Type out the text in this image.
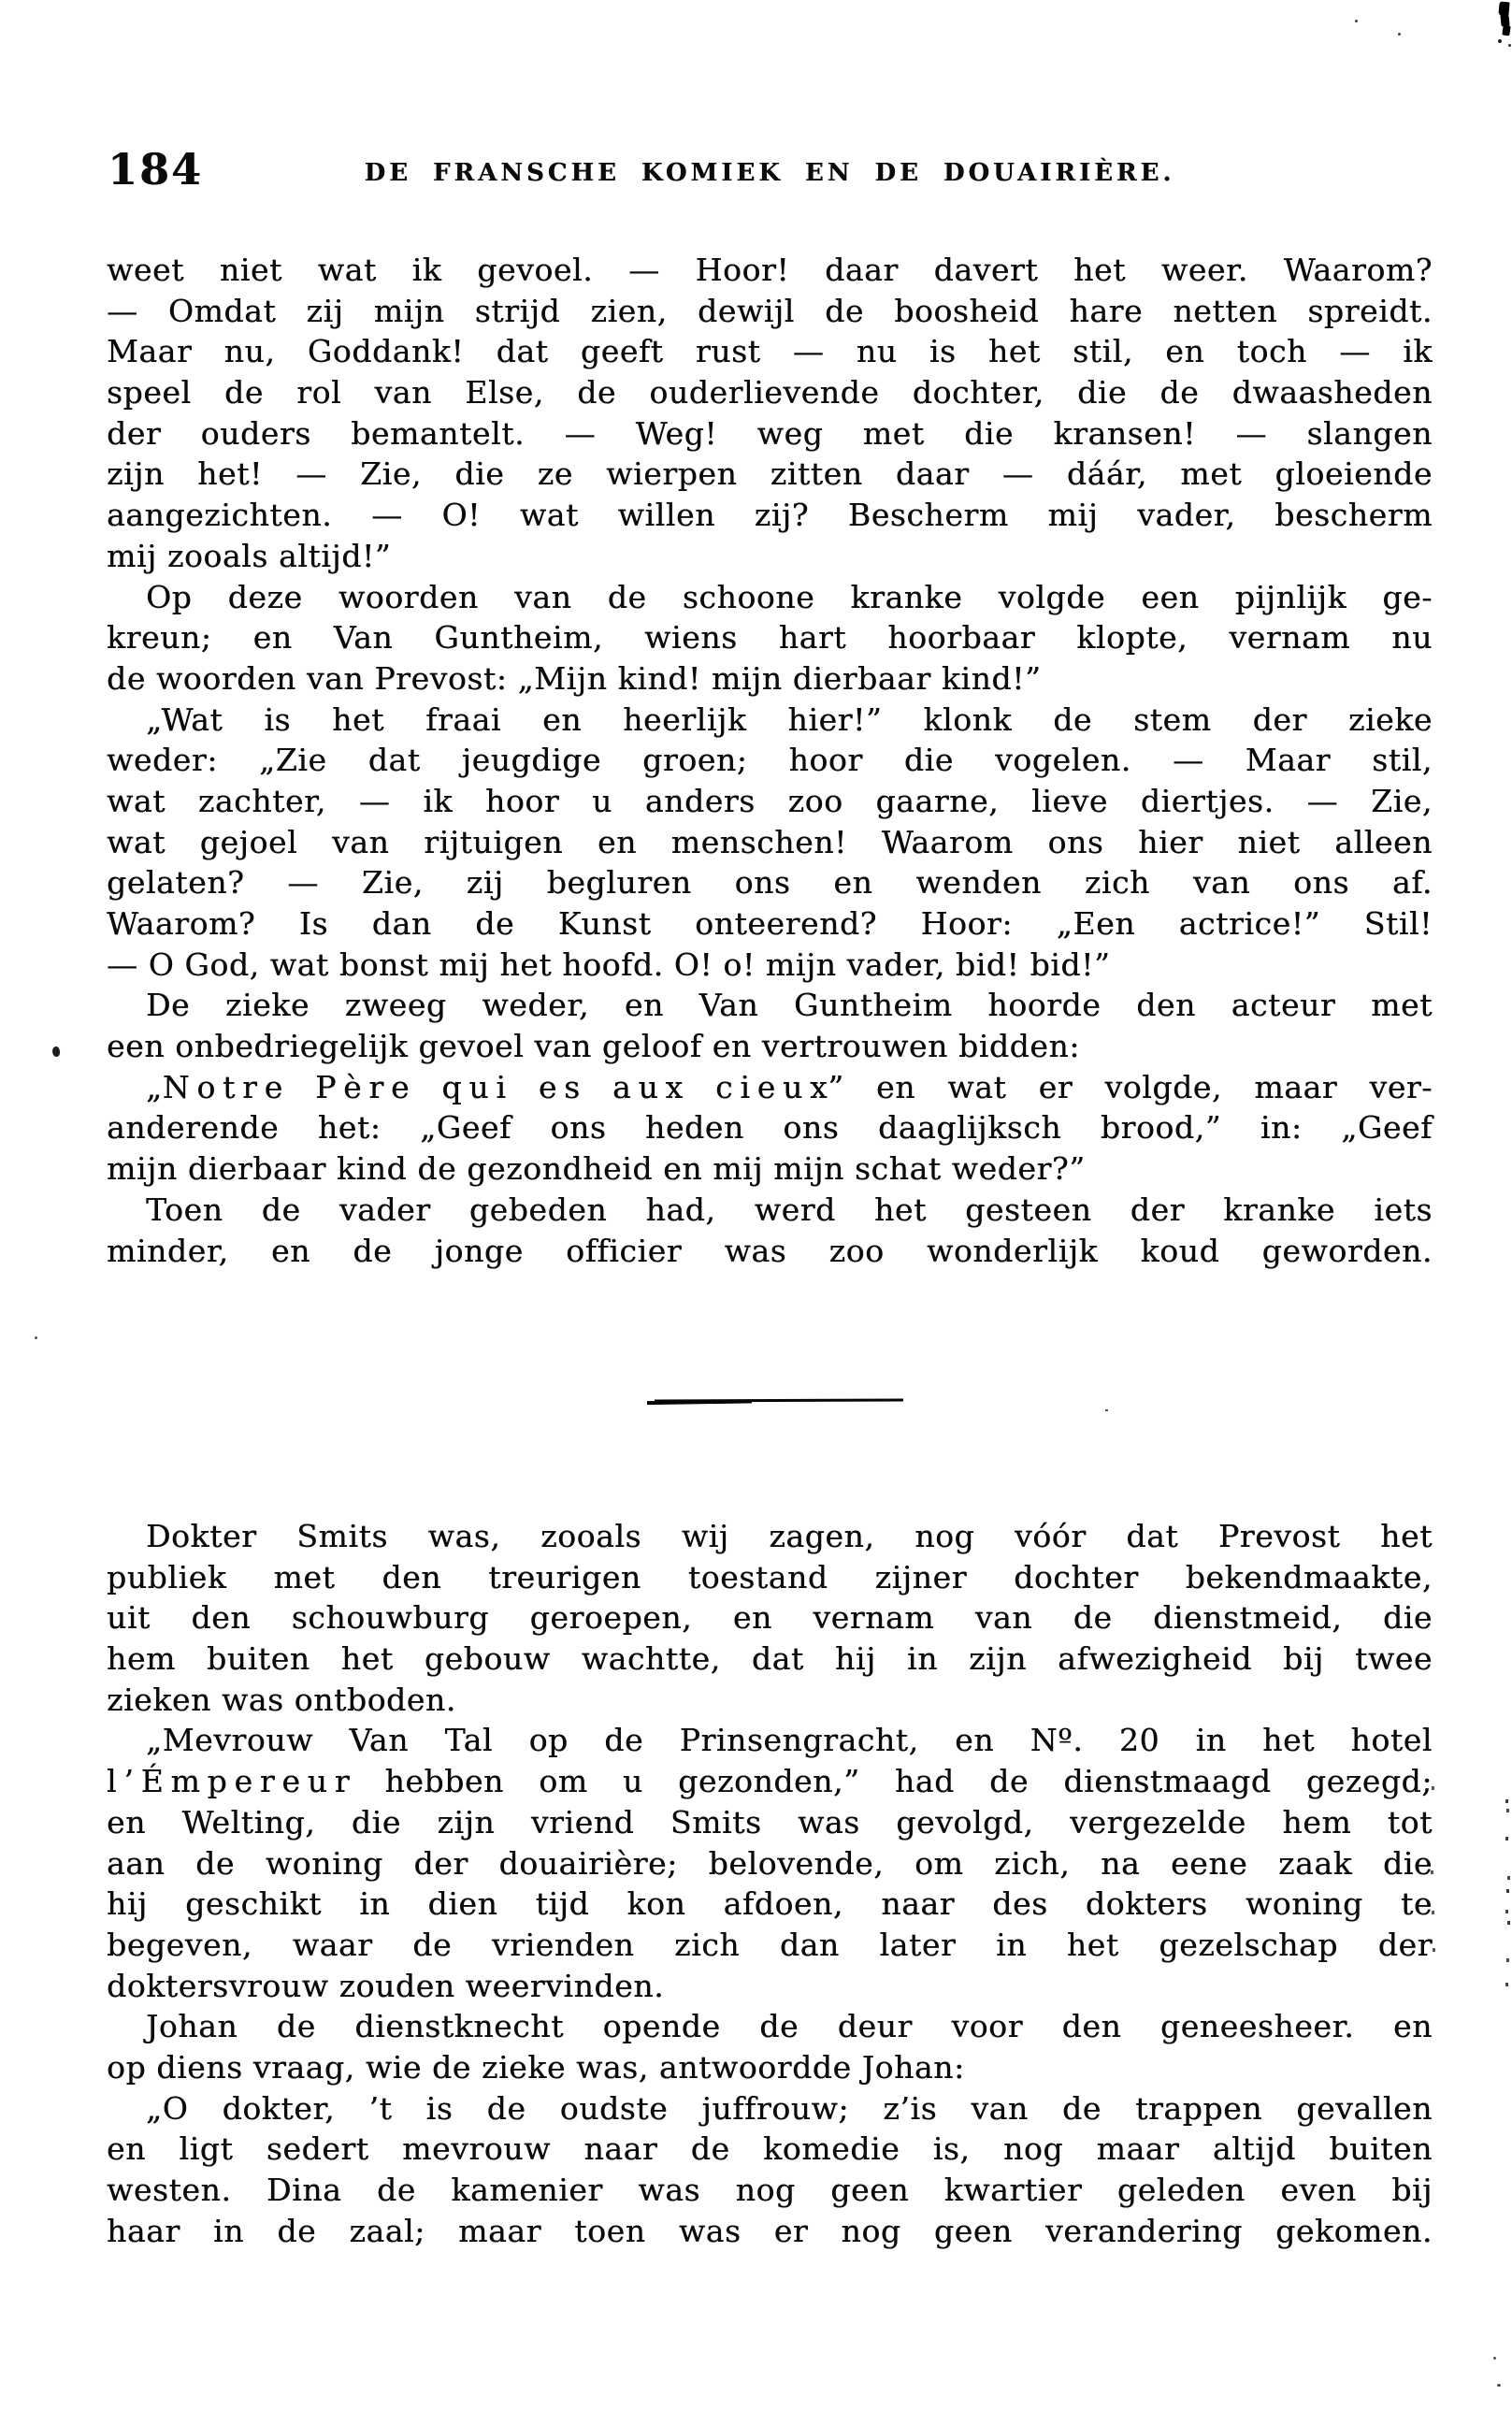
184	DE FRANSCHE KOMIEK EN DE DOUAIRIÈRE.
weet niet wat ik gevoel. — Hoor! daar davert het weer. Waarom?
— Omdat zij mijn strijd zien, dewijl de boosheid hare netten spreidt.
Maar nu, Goddank! dat geeft rust — nu is het stil, en toch — ik
speel de rol van Else, de ouderlievende dochter, die de dwaasheden
der ouders bemantelt. — Weg! weg met die kransen! — slangen
zijn het! — Zie, die ze wierpen zitten daar — dáár, met gloeiende
aangezichten. — O! wat willen zij? Bescherm mij vader, bescherm
mij zooals altijd!”
Op deze woorden van de schoone kranke volgde een pijnlijk ge-
kreun; en Van Guntheim, wiens hart hoorbaar klopte, vernam nu
de woorden van Prevost: „Mijn kind! mijn dierbaar kind!”
„Wat is het fraai en heerlijk hier!” klonk de stem der zieke
weder: „Zie dat jeugdige groen; hoor die vogelen. — Maar stil,
wat zachter, — ik hoor u anders zoo gaarne, lieve diertjes. — Zie,
wat gejoel van rijtuigen en menschen! Waarom ons hier niet alleen
gelaten? — Zie, zij begluren ons en wenden zich van ons af.
Waarom? Is dan de Kunst onteerend? Hoor: „Een actrice!” Stil!
— O God, wat bonst mij het hoofd. O! o! mijn vader, bid! bid!”
De zieke zweeg weder, en Van Guntheim hoorde den acteur met
een onbedriegelijk gevoel van geloof en vertrouwen bidden:
„N o t r e P è r e q u i e s a u x c i e u x” en wat er volgde, maar ver-
anderende het: „Geef ons heden ons daaglijksch brood,” in: „Geef
mijn dierbaar kind de gezondheid en mij mijn schat weder?”
Toen de vader gebeden had, werd het gesteen der kranke iets
minder, en de jonge officier was zoo wonderlijk koud geworden.
Dokter Smits was, zooals wij zagen, nog vóór dat Prevost het
publiek met den treurigen toestand zijner dochter bekendmaakte,
uit den schouwburg geroepen, en vernam van de dienstmeid, die
hem buiten het gebouw wachtte, dat hij in zijn afwezigheid bij twee
zieken was ontboden.
„Mevrouw Van Tal op de Prinsengracht, en Nº. 20 in het hotel
l ’ É m p e r e u r hebben om u gezonden,” had de dienstmaagd gezegd;
en Welting, die zijn vriend Smits was gevolgd, vergezelde hem tot
aan de woning der douairière; belovende, om zich, na eene zaak die
hij geschikt in dien tijd kon afdoen, naar des dokters woning te
begeven, waar de vrienden zich dan later in het gezelschap der
doktersvrouw zouden weervinden.
Johan de dienstknecht opende de deur voor den geneesheer. en
op diens vraag, wie de zieke was, antwoordde Johan:
„O dokter, ’t is de oudste juffrouw; z’is van de trappen gevallen
en ligt sedert mevrouw naar de komedie is, nog maar altijd buiten
westen. Dina de kamenier was nog geen kwartier geleden even bij
haar in de zaal; maar toen was er nog geen verandering gekomen.
